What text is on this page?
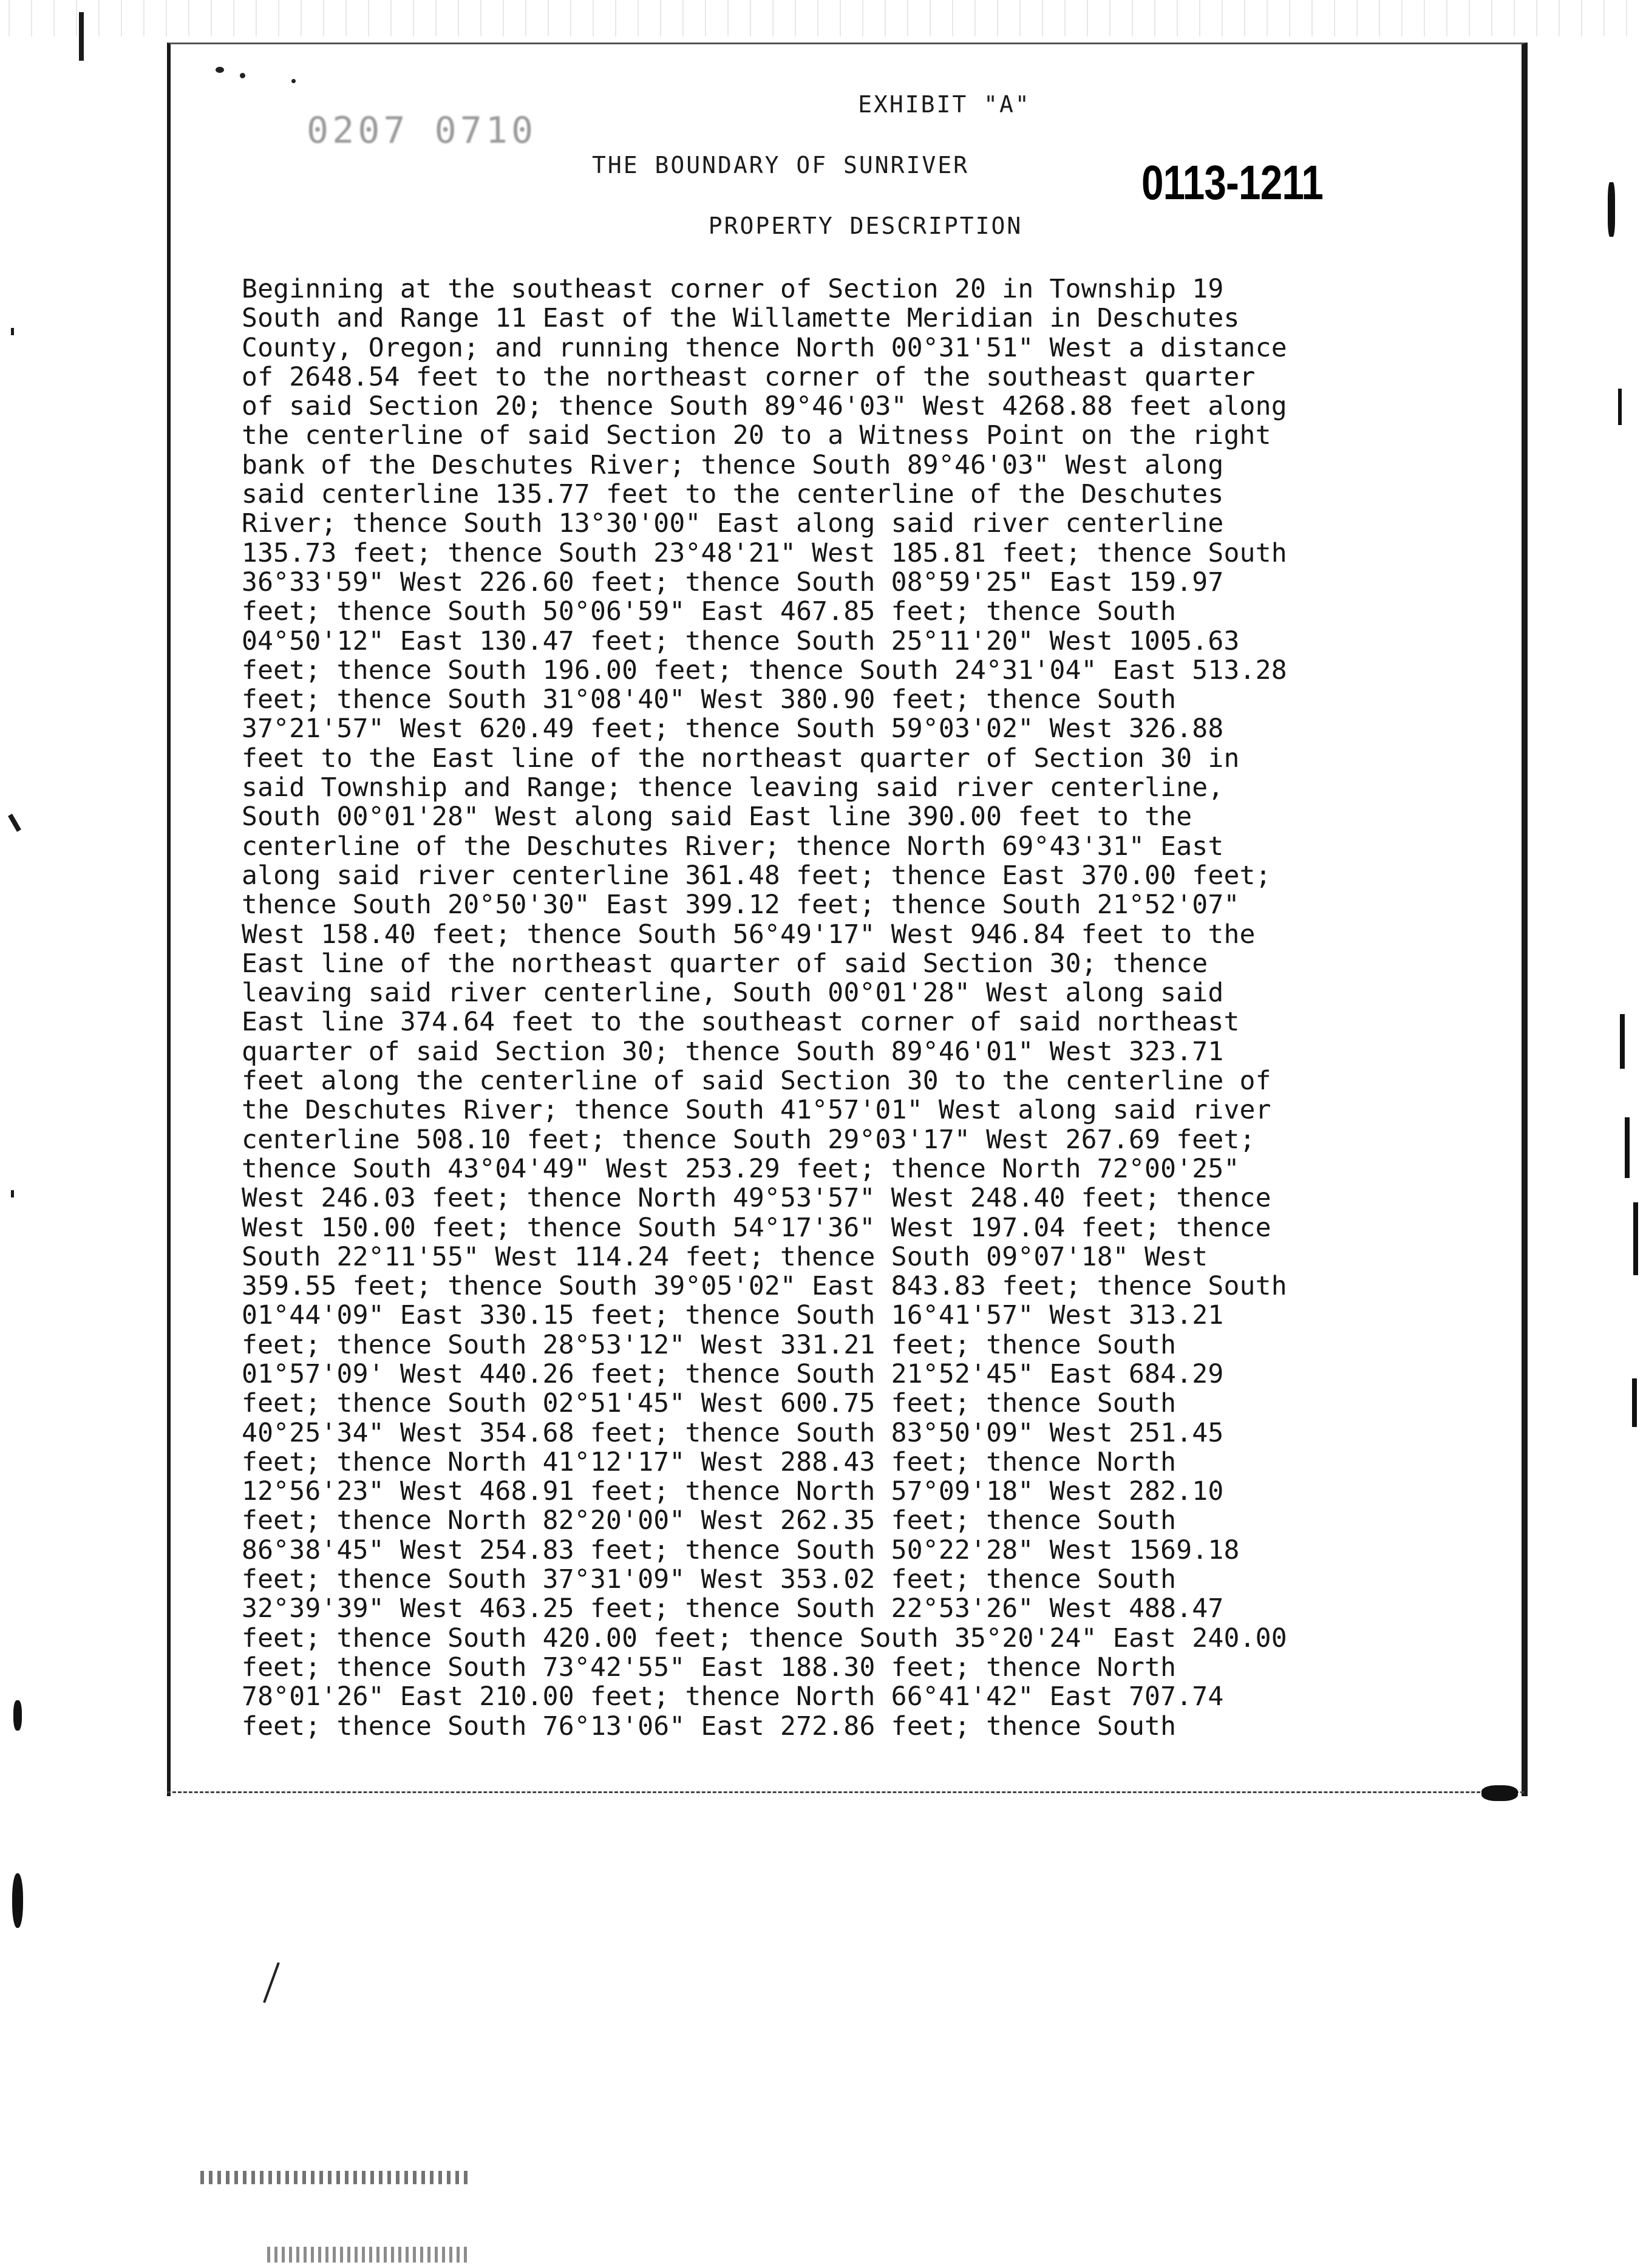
0207 0710
EXHIBIT "A"
THE BOUNDARY OF SUNRIVER
PROPERTY DESCRIPTION
0113-1211
Beginning at the southeast corner of Section 20 in Township 19
South and Range 11 East of the Willamette Meridian in Deschutes
County, Oregon; and running thence North 00°31'51" West a distance
of 2648.54 feet to the northeast corner of the southeast quarter
of said Section 20; thence South 89°46'03" West 4268.88 feet along
the centerline of said Section 20 to a Witness Point on the right
bank of the Deschutes River; thence South 89°46'03" West along
said centerline 135.77 feet to the centerline of the Deschutes
River; thence South 13°30'00" East along said river centerline
135.73 feet; thence South 23°48'21" West 185.81 feet; thence South
36°33'59" West 226.60 feet; thence South 08°59'25" East 159.97
feet; thence South 50°06'59" East 467.85 feet; thence South
04°50'12" East 130.47 feet; thence South 25°11'20" West 1005.63
feet; thence South 196.00 feet; thence South 24°31'04" East 513.28
feet; thence South 31°08'40" West 380.90 feet; thence South
37°21'57" West 620.49 feet; thence South 59°03'02" West 326.88
feet to the East line of the northeast quarter of Section 30 in
said Township and Range; thence leaving said river centerline,
South 00°01'28" West along said East line 390.00 feet to the
centerline of the Deschutes River; thence North 69°43'31" East
along said river centerline 361.48 feet; thence East 370.00 feet;
thence South 20°50'30" East 399.12 feet; thence South 21°52'07"
West 158.40 feet; thence South 56°49'17" West 946.84 feet to the
East line of the northeast quarter of said Section 30; thence
leaving said river centerline, South 00°01'28" West along said
East line 374.64 feet to the southeast corner of said northeast
quarter of said Section 30; thence South 89°46'01" West 323.71
feet along the centerline of said Section 30 to the centerline of
the Deschutes River; thence South 41°57'01" West along said river
centerline 508.10 feet; thence South 29°03'17" West 267.69 feet;
thence South 43°04'49" West 253.29 feet; thence North 72°00'25"
West 246.03 feet; thence North 49°53'57" West 248.40 feet; thence
West 150.00 feet; thence South 54°17'36" West 197.04 feet; thence
South 22°11'55" West 114.24 feet; thence South 09°07'18" West
359.55 feet; thence South 39°05'02" East 843.83 feet; thence South
01°44'09" East 330.15 feet; thence South 16°41'57" West 313.21
feet; thence South 28°53'12" West 331.21 feet; thence South
01°57'09' West 440.26 feet; thence South 21°52'45" East 684.29
feet; thence South 02°51'45" West 600.75 feet; thence South
40°25'34" West 354.68 feet; thence South 83°50'09" West 251.45
feet; thence North 41°12'17" West 288.43 feet; thence North
12°56'23" West 468.91 feet; thence North 57°09'18" West 282.10
feet; thence North 82°20'00" West 262.35 feet; thence South
86°38'45" West 254.83 feet; thence South 50°22'28" West 1569.18
feet; thence South 37°31'09" West 353.02 feet; thence South
32°39'39" West 463.25 feet; thence South 22°53'26" West 488.47
feet; thence South 420.00 feet; thence South 35°20'24" East 240.00
feet; thence South 73°42'55" East 188.30 feet; thence North
78°01'26" East 210.00 feet; thence North 66°41'42" East 707.74
feet; thence South 76°13'06" East 272.86 feet; thence South
